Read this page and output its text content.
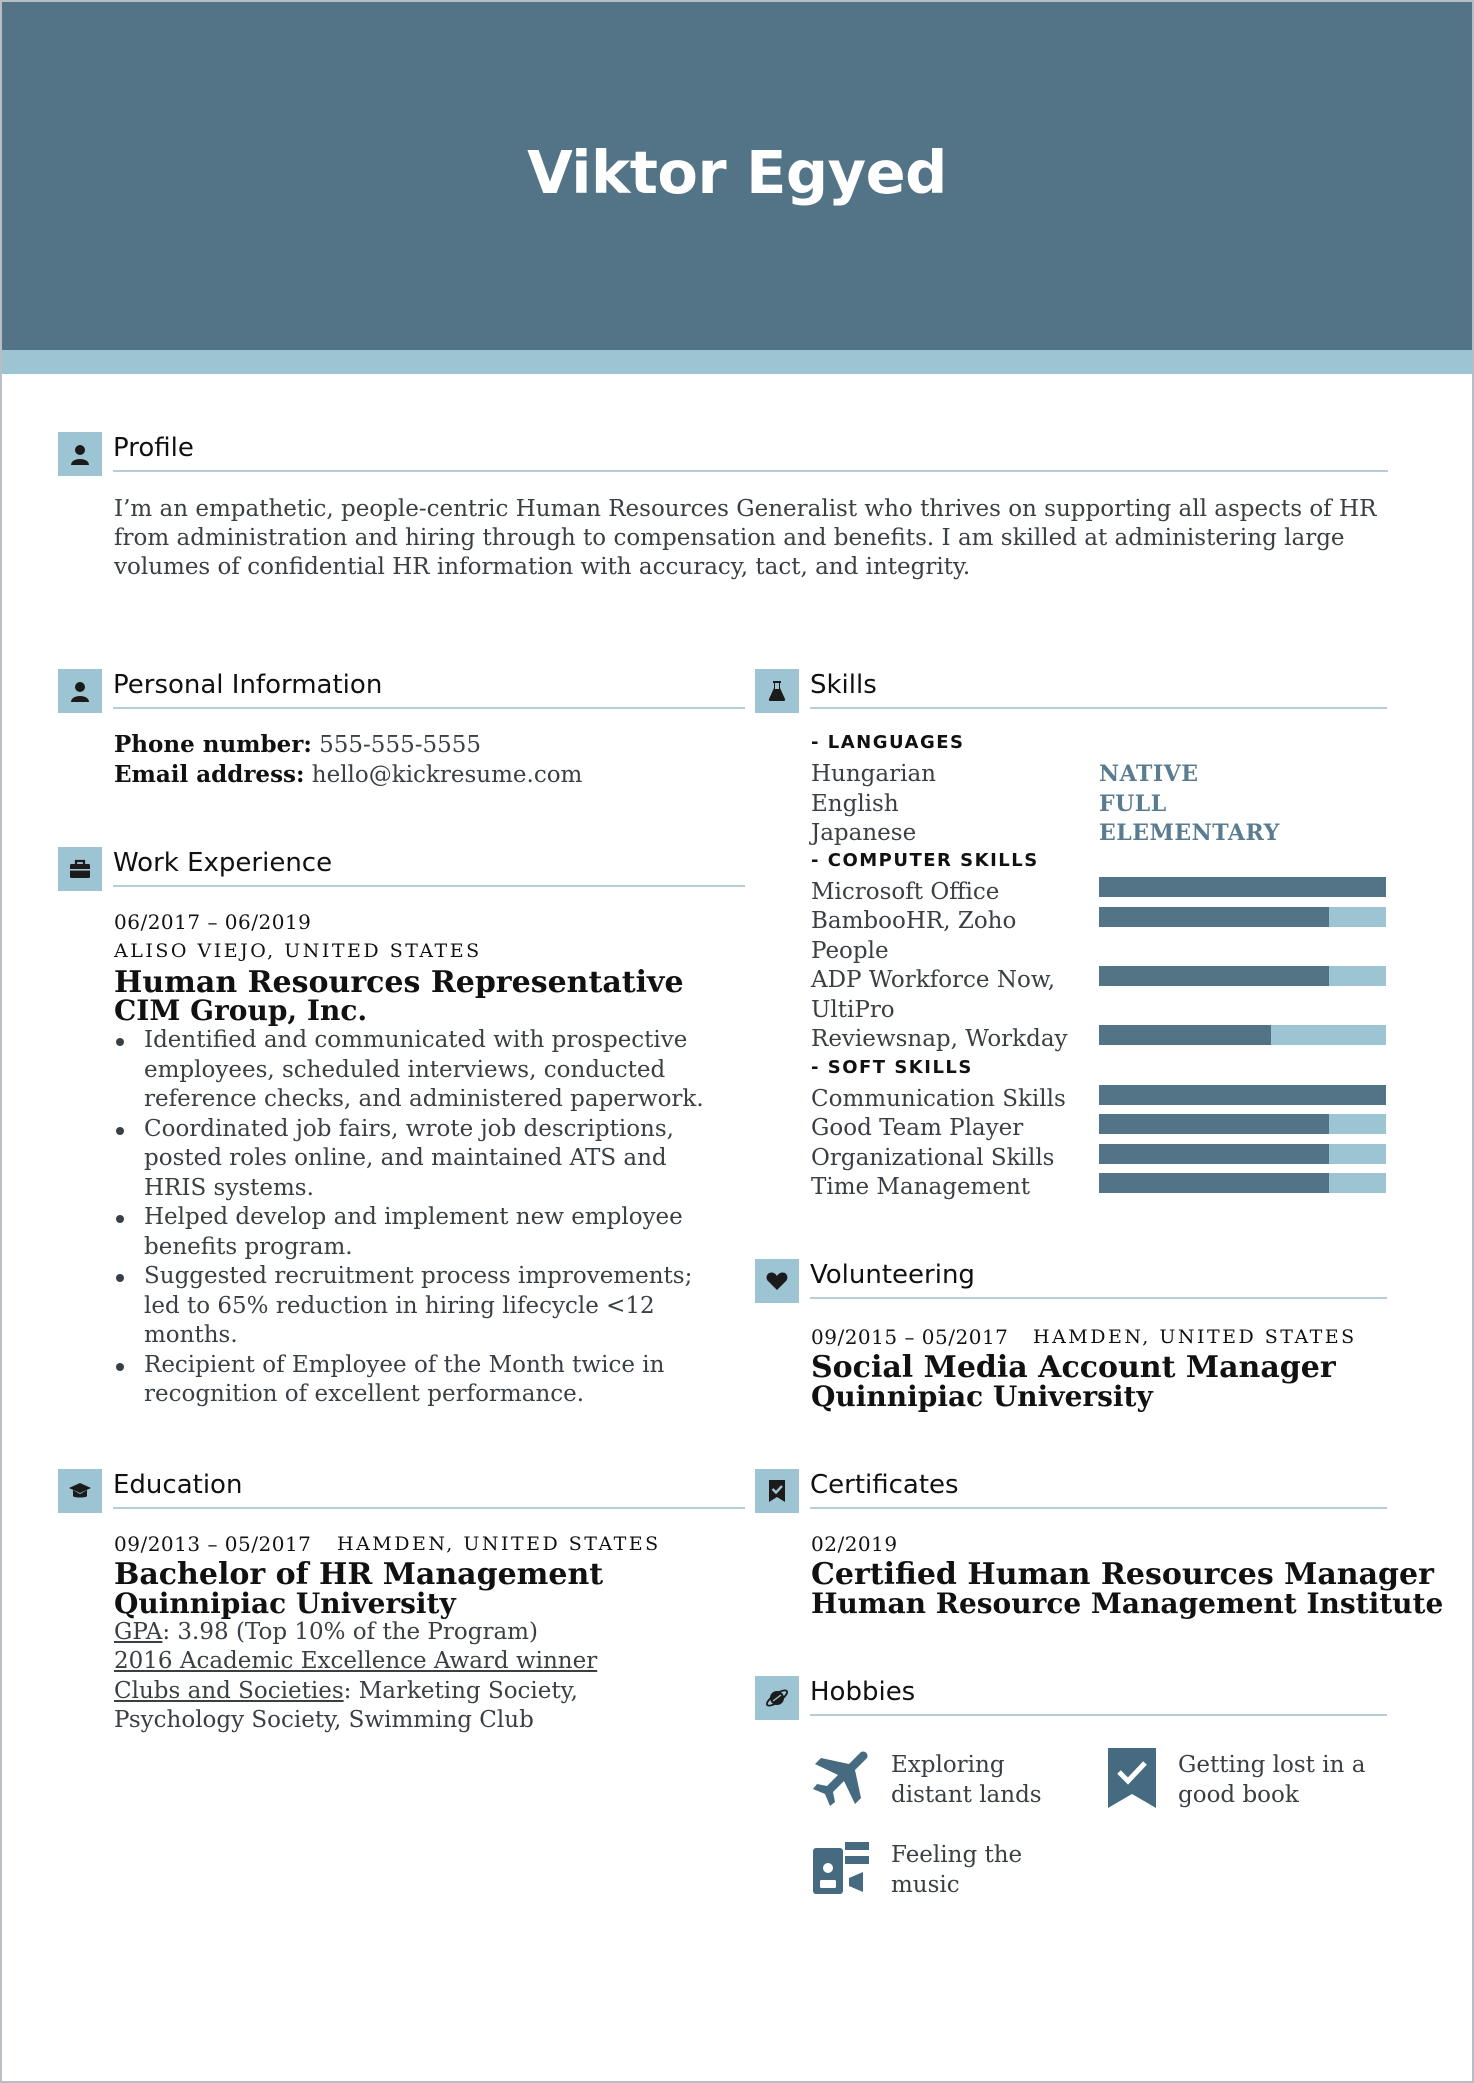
Viktor Egyed
Profile
I’m an empathetic, people-centric Human Resources Generalist who thrives on supporting all aspects of HR
from administration and hiring through to compensation and benefits. I am skilled at administering large
volumes of confidential HR information with accuracy, tact, and integrity.
Personal Information
Phone number: 555-555-5555
Email address: hello@kickresume.com
Work Experience
06/2017 – 06/2019
ALISO VIEJO, UNITED STATES
Human Resources Representative
CIM Group, Inc.
Identified and communicated with prospective
employees, scheduled interviews, conducted
reference checks, and administered paperwork.
Coordinated job fairs, wrote job descriptions,
posted roles online, and maintained ATS and
HRIS systems.
Helped develop and implement new employee
benefits program.
Suggested recruitment process improvements;
led to 65% reduction in hiring lifecycle <12
months.
Recipient of Employee of the Month twice in
recognition of excellent performance.
Education
09/2013 – 05/2017 HAMDEN, UNITED STATES
Bachelor of HR Management
Quinnipiac University
GPA: 3.98 (Top 10% of the Program)
2016 Academic Excellence Award winner
Clubs and Societies: Marketing Society,
Psychology Society, Swimming Club
Skills
- LANGUAGES
Hungarian	NATIVE
English	FULL
Japanese	ELEMENTARY
- COMPUTER SKILLS
Microsoft Office
BambooHR, Zoho
People
ADP Workforce Now,
UltiPro
Reviewsnap, Workday
- SOFT SKILLS
Communication Skills
Good Team Player
Organizational Skills
Time Management
Volunteering
09/2015 – 05/2017 HAMDEN, UNITED STATES
Social Media Account Manager
Quinnipiac University
Certificates
02/2019
Certified Human Resources Manager
Human Resource Management Institute
Hobbies
Exploring
distant lands
Getting lost in a
good book
Feeling the
music
